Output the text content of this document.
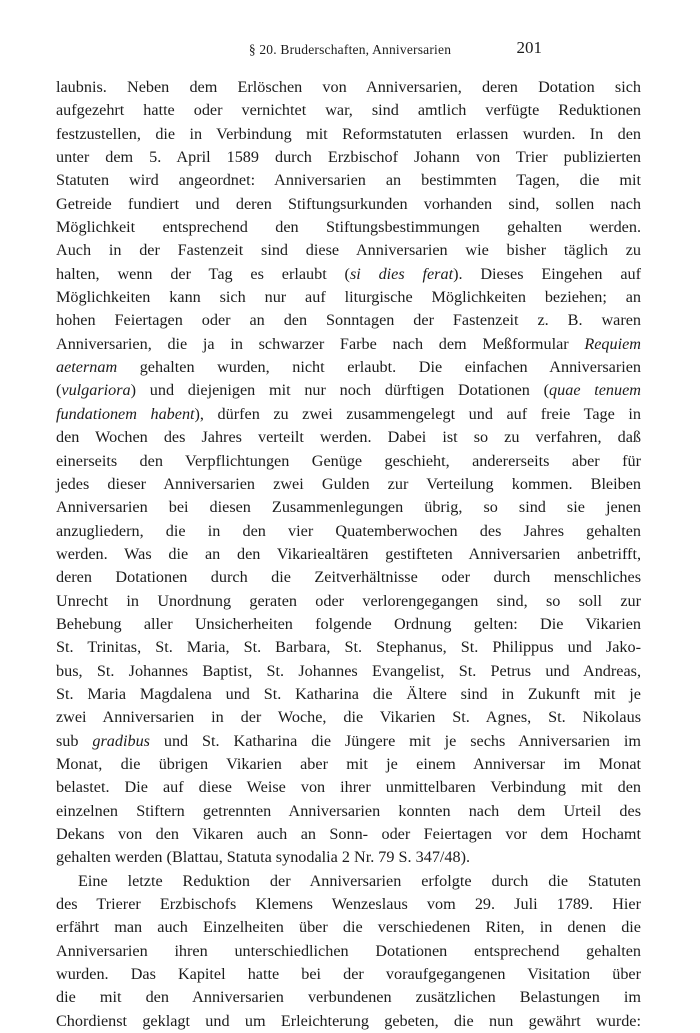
§ 20. Bruderschaften, Anniversarien	201
laubnis. Neben dem Erlöschen von Anniversarien, deren Dotation sich
aufgezehrt hatte oder vernichtet war, sind amtlich verfügte Reduktionen
festzustellen, die in Verbindung mit Reformstatuten erlassen wurden. In den
unter dem 5. April 1589 durch Erzbischof Johann von Trier publizierten
Statuten wird angeordnet: Anniversarien an bestimmten Tagen, die mit
Getreide fundiert und deren Stiftungsurkunden vorhanden sind, sollen nach
Möglichkeit entsprechend den Stiftungsbestimmungen gehalten werden.
Auch in der Fastenzeit sind diese Anniversarien wie bisher täglich zu
halten, wenn der Tag es erlaubt (si dies ferat). Dieses Eingehen auf
Möglichkeiten kann sich nur auf liturgische Möglichkeiten beziehen; an
hohen Feiertagen oder an den Sonntagen der Fastenzeit z. B. waren
Anniversarien, die ja in schwarzer Farbe nach dem Meßformular Requiem
aeternam gehalten wurden, nicht erlaubt. Die einfachen Anniversarien
(vulgariora) und diejenigen mit nur noch dürftigen Dotationen (quae tenuem
fundationem habent), dürfen zu zwei zusammengelegt und auf freie Tage in
den Wochen des Jahres verteilt werden. Dabei ist so zu verfahren, daß
einerseits den Verpflichtungen Genüge geschieht, andererseits aber für
jedes dieser Anniversarien zwei Gulden zur Verteilung kommen. Bleiben
Anniversarien bei diesen Zusammenlegungen übrig, so sind sie jenen
anzugliedern, die in den vier Quatemberwochen des Jahres gehalten
werden. Was die an den Vikariealtären gestifteten Anniversarien anbetrifft,
deren Dotationen durch die Zeitverhältnisse oder durch menschliches
Unrecht in Unordnung geraten oder verlorengegangen sind, so soll zur
Behebung aller Unsicherheiten folgende Ordnung gelten: Die Vikarien
St. Trinitas, St. Maria, St. Barbara, St. Stephanus, St. Philippus und Jako-
bus, St. Johannes Baptist, St. Johannes Evangelist, St. Petrus und Andreas,
St. Maria Magdalena und St. Katharina die Ältere sind in Zukunft mit je
zwei Anniversarien in der Woche, die Vikarien St. Agnes, St. Nikolaus
sub gradibus und St. Katharina die Jüngere mit je sechs Anniversarien im
Monat, die übrigen Vikarien aber mit je einem Anniversar im Monat
belastet. Die auf diese Weise von ihrer unmittelbaren Verbindung mit den
einzelnen Stiftern getrennten Anniversarien konnten nach dem Urteil des
Dekans von den Vikaren auch an Sonn- oder Feiertagen vor dem Hochamt
gehalten werden (Blattau, Statuta synodalia 2 Nr. 79 S. 347/48).
Eine letzte Reduktion der Anniversarien erfolgte durch die Statuten
des Trierer Erzbischofs Klemens Wenzeslaus vom 29. Juli 1789. Hier
erfährt man auch Einzelheiten über die verschiedenen Riten, in denen die
Anniversarien ihren unterschiedlichen Dotationen entsprechend gehalten
wurden. Das Kapitel hatte bei der voraufgegangenen Visitation über
die mit den Anniversarien verbundenen zusätzlichen Belastungen im
Chordienst geklagt und um Erleichterung gebeten, die nun gewährt wurde:
